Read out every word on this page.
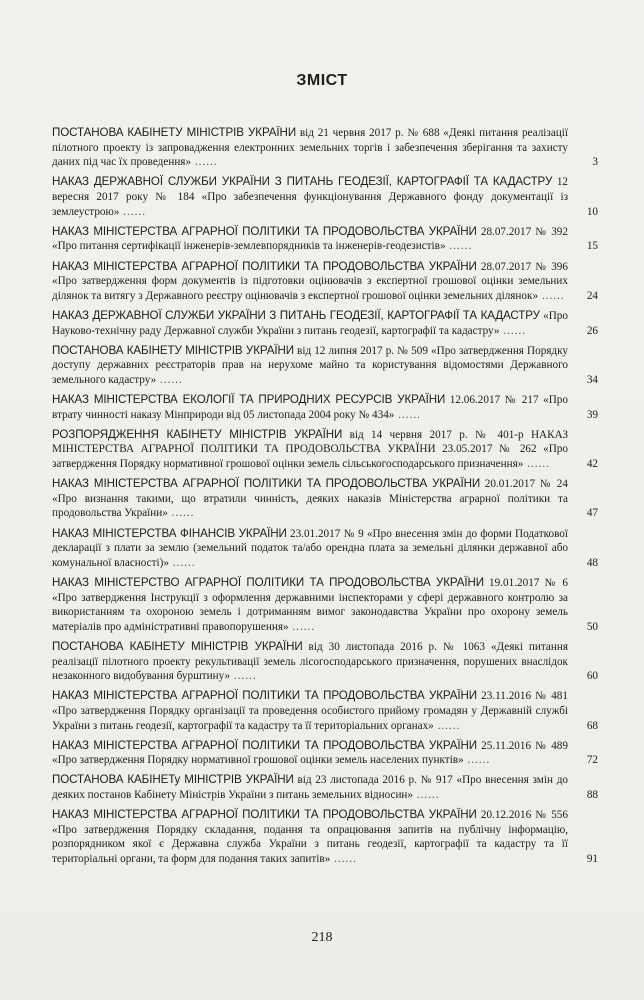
ЗМІСТ
ПОСТАНОВА КАБІНЕТУ МІНІСТРІВ УКРАЇНИ від 21 червня 2017 р. № 688 «Деякі питання реалізації пілотного проекту із запровадження електронних земельних торгів і забезпечення зберігання та захисту даних під час їх проведення» ......	3
НАКАЗ ДЕРЖАВНОЇ СЛУЖБИ УКРАЇНИ З ПИТАНЬ ГЕОДЕЗІЇ, КАРТОГРАФІЇ ТА КАДАСТРУ 12 вересня 2017 року № 184 «Про забезпечення функціонування Державного фонду документації із землеустрою» ......	10
НАКАЗ МІНІСТЕРСТВА АГРАРНОЇ ПОЛІТИКИ ТА ПРОДОВОЛЬСТВА УКРАЇНИ 28.07.2017 № 392 «Про питання сертифікації інженерів-землевпорядників та інженерів-геодезистів» ......	15
НАКАЗ МІНІСТЕРСТВА АГРАРНОЇ ПОЛІТИКИ ТА ПРОДОВОЛЬСТВА УКРАЇНИ 28.07.2017 № 396 «Про затвердження форм документів із підготовки оцінювачів з експертної грошової оцінки земельних ділянок та витягу з Державного реєстру оцінювачів з експертної грошової оцінки земельних ділянок» ......	24
НАКАЗ ДЕРЖАВНОЇ СЛУЖБИ УКРАЇНИ З ПИТАНЬ ГЕОДЕЗІЇ, КАРТОГРАФІЇ ТА КАДАСТРУ «Про Науково-технічну раду Державної служби України з питань геодезії, картографії та кадастру» ......	26
ПОСТАНОВА КАБІНЕТУ МІНІСТРІВ УКРАЇНИ від 12 липня 2017 р. № 509 «Про затвердження Порядку доступу державних реєстраторів прав на нерухоме майно та користування відомостями Державного земельного кадастру» ......	34
НАКАЗ МІНІСТЕРСТВА ЕКОЛОГІЇ ТА ПРИРОДНИХ РЕСУРСІВ УКРАЇНИ 12.06.2017 № 217 «Про втрату чинності наказу Мінприроди від 05 листопада 2004 року № 434» ......	39
РОЗПОРЯДЖЕННЯ КАБІНЕТУ МІНІСТРІВ УКРАЇНИ від 14 червня 2017 р. № 401-р НАКАЗ МІНІСТЕРСТВА АГРАРНОЇ ПОЛІТИКИ ТА ПРОДОВОЛЬСТВА УКРАЇНИ 23.05.2017 № 262 «Про затвердження Порядку нормативної грошової оцінки земель сільськогосподарського призначення» ......	42
НАКАЗ МІНІСТЕРСТВА АГРАРНОЇ ПОЛІТИКИ ТА ПРОДОВОЛЬСТВА УКРАЇНИ 20.01.2017 № 24 «Про визнання такими, що втратили чинність, деяких наказів Міністерства аграрної політики та продовольства України» ......	47
НАКАЗ МІНІСТЕРСТВА ФІНАНСІВ УКРАЇНИ 23.01.2017 № 9 «Про внесення змін до форми Податкової декларації з плати за землю (земельний податок та/або орендна плата за земельні ділянки державної або комунальної власності)» ......	48
НАКАЗ МІНІСТЕРСТВО АГРАРНОЇ ПОЛІТИКИ ТА ПРОДОВОЛЬСТВА УКРАЇНИ 19.01.2017 № 6 «Про затвердження Інструкції з оформлення державними інспекторами у сфері державного контролю за використанням та охороною земель і дотриманням вимог законодавства України про охорону земель матеріалів про адміністративні правопорушення» ......	50
ПОСТАНОВА КАБІНЕТУ МІНІСТРІВ УКРАЇНИ від 30 листопада 2016 р. № 1063 «Деякі питання реалізації пілотного проекту рекультивації земель лісогосподарського призначення, порушених внаслідок незаконного видобування бурштину» ......	60
НАКАЗ МІНІСТЕРСТВА АГРАРНОЇ ПОЛІТИКИ ТА ПРОДОВОЛЬСТВА УКРАЇНИ 23.11.2016 № 481 «Про затвердження Порядку організації та проведення особистого прийому громадян у Державній службі України з питань геодезії, картографії та кадастру та її територіальних органах» ......	68
НАКАЗ МІНІСТЕРСТВА АГРАРНОЇ ПОЛІТИКИ ТА ПРОДОВОЛЬСТВА УКРАЇНИ 25.11.2016 № 489 «Про затвердження Порядку нормативної грошової оцінки земель населених пунктів» ......	72
ПОСТАНОВА КАБІНЕТу МІНІСТРІВ УКРАЇНИ від 23 листопада 2016 р. № 917 «Про внесення змін до деяких постанов Кабінету Міністрів України з питань земельних відносин» ......	88
НАКАЗ МІНІСТЕРСТВА АГРАРНОЇ ПОЛІТИКИ ТА ПРОДОВОЛЬСТВА УКРАЇНИ 20.12.2016 № 556 «Про затвердження Порядку складання, подання та опрацювання запитів на публічну інформацію, розпорядником якої є Державна служба України з питань геодезії, картографії та кадастру та її територіальні органи, та форм для подання таких запитів» ......	91
218
